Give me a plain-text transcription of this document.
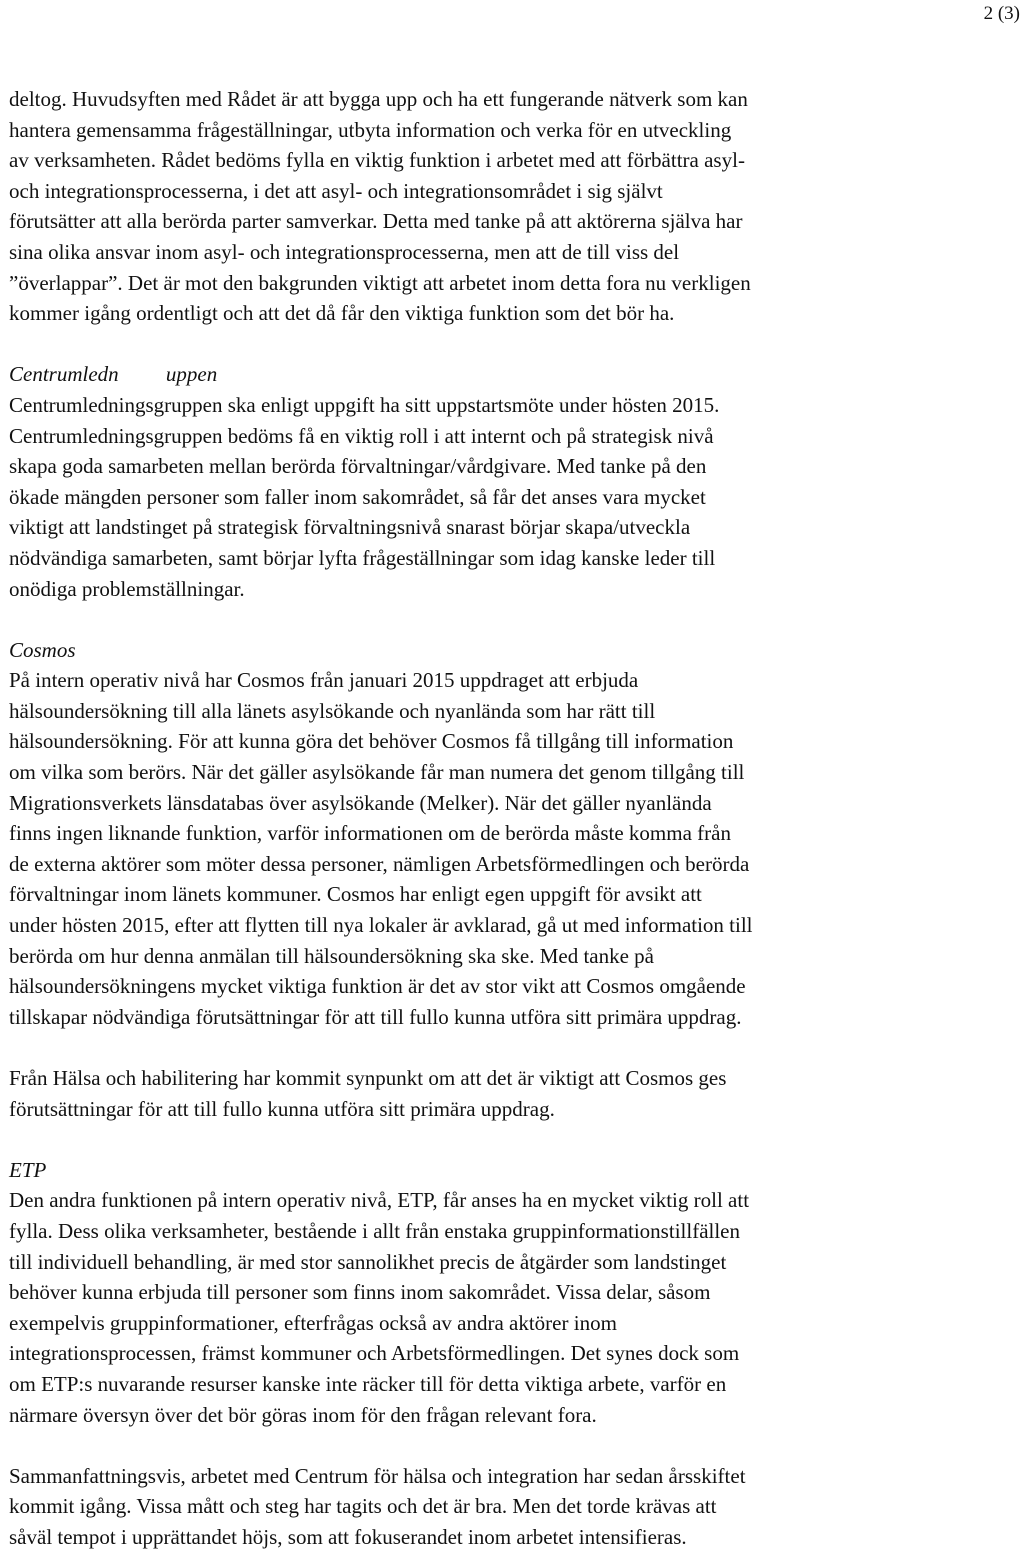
2 (3)

deltog. Huvudsyften med Rådet är att bygga upp och ha ett fungerande nätverk som kan
hantera gemensamma frågeställningar, utbyta information och verka för en utveckling
av verksamheten. Rådet bedöms fylla en viktig funktion i arbetet med att förbättra asyl-
och integrationsprocesserna, i det att asyl- och integrationsområdet i sig självt
förutsätter att alla berörda parter samverkar. Detta med tanke på att aktörerna själva har
sina olika ansvar inom asyl- och integrationsprocesserna, men att de till viss del
”överlappar”. Det är mot den bakgrunden viktigt att arbetet inom detta fora nu verkligen
kommer igång ordentligt och att det då får den viktiga funktion som det bör ha.

Centrumledn         uppen

Centrumledningsgruppen ska enligt uppgift ha sitt uppstartsmöte under hösten 2015.
Centrumledningsgruppen bedöms få en viktig roll i att internt och på strategisk nivå
skapa goda samarbeten mellan berörda förvaltningar/vårdgivare. Med tanke på den
ökade mängden personer som faller inom sakområdet, så får det anses vara mycket
viktigt att landstinget på strategisk förvaltningsnivå snarast börjar skapa/utveckla
nödvändiga samarbeten, samt börjar lyfta frågeställningar som idag kanske leder till
onödiga problemställningar.

Cosmos

På intern operativ nivå har Cosmos från januari 2015 uppdraget att erbjuda
hälsoundersökning till alla länets asylsökande och nyanlända som har rätt till
hälsoundersökning. För att kunna göra det behöver Cosmos få tillgång till information
om vilka som berörs. När det gäller asylsökande får man numera det genom tillgång till
Migrationsverkets länsdatabas över asylsökande (Melker). När det gäller nyanlända
finns ingen liknande funktion, varför informationen om de berörda måste komma från
de externa aktörer som möter dessa personer, nämligen Arbetsförmedlingen och berörda
förvaltningar inom länets kommuner. Cosmos har enligt egen uppgift för avsikt att
under hösten 2015, efter att flytten till nya lokaler är avklarad, gå ut med information till
berörda om hur denna anmälan till hälsoundersökning ska ske. Med tanke på
hälsoundersökningens mycket viktiga funktion är det av stor vikt att Cosmos omgående
tillskapar nödvändiga förutsättningar för att till fullo kunna utföra sitt primära uppdrag.

Från Hälsa och habilitering har kommit synpunkt om att det är viktigt att Cosmos ges
förutsättningar för att till fullo kunna utföra sitt primära uppdrag.

ETP

Den andra funktionen på intern operativ nivå, ETP, får anses ha en mycket viktig roll att
fylla. Dess olika verksamheter, bestående i allt från enstaka gruppinformationstillfällen
till individuell behandling, är med stor sannolikhet precis de åtgärder som landstinget
behöver kunna erbjuda till personer som finns inom sakområdet. Vissa delar, såsom
exempelvis gruppinformationer, efterfrågas också av andra aktörer inom
integrationsprocessen, främst kommuner och Arbetsförmedlingen. Det synes dock som
om ETP:s nuvarande resurser kanske inte räcker till för detta viktiga arbete, varför en
närmare översyn över det bör göras inom för den frågan relevant fora.

Sammanfattningsvis, arbetet med Centrum för hälsa och integration har sedan årsskiftet
kommit igång. Vissa mått och steg har tagits och det är bra. Men det torde krävas att
såväl tempot i upprättandet höjs, som att fokuserandet inom arbetet intensifieras.
